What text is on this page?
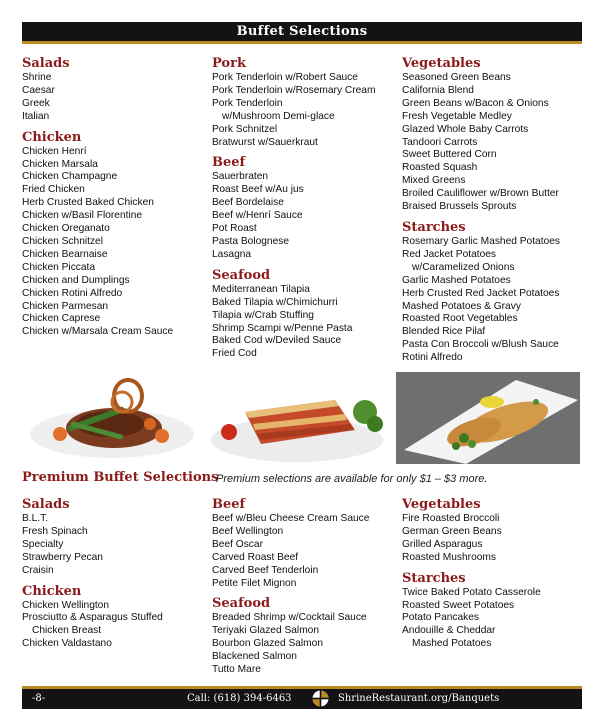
Buffet Selections
Salads
Shrine
Caesar
Greek
Italian
Chicken
Chicken Henrí
Chicken Marsala
Chicken Champagne
Fried Chicken
Herb Crusted Baked Chicken
Chicken w/Basil Florentine
Chicken Oreganato
Chicken Schnitzel
Chicken Bearnaise
Chicken Piccata
Chicken and Dumplings
Chicken Rotini Alfredo
Chicken Parmesan
Chicken Caprese
Chicken w/Marsala Cream Sauce
Pork
Pork Tenderloin w/Robert Sauce
Pork Tenderloin w/Rosemary Cream
Pork Tenderloin
w/Mushroom Demi-glace
Pork Schnitzel
Bratwurst w/Sauerkraut
Beef
Sauerbraten
Roast Beef w/Au jus
Beef Bordelaise
Beef w/Henrí Sauce
Pot Roast
Pasta Bolognese
Lasagna
Seafood
Mediterranean Tilapia
Baked Tilapia w/Chimichurri
Tilapia w/Crab Stuffing
Shrimp Scampi w/Penne Pasta
Baked Cod w/Deviled Sauce
Fried Cod
Vegetables
Seasoned Green Beans
California Blend
Green Beans w/Bacon & Onions
Fresh Vegetable Medley
Glazed Whole Baby Carrots
Tandoori Carrots
Sweet Buttered Corn
Roasted Squash
Mixed Greens
Broiled Cauliflower w/Brown Butter
Braised Brussels Sprouts
Starches
Rosemary Garlic Mashed Potatoes
Red Jacket Potatoes
w/Caramelized Onions
Garlic Mashed Potatoes
Herb Crusted Red Jacket Potatoes
Mashed Potatoes & Gravy
Roasted Root Vegetables
Blended Rice Pilaf
Pasta Con Broccoli w/Blush Sauce
Rotini Alfredo
Premium Buffet Selections
Premium selections are available for only $1 – $3 more.
Salads
B.L.T.
Fresh Spinach
Specialty
Strawberry Pecan
Craisin
Chicken
Chicken Wellington
Prosciutto & Asparagus Stuffed
Chicken Breast
Chicken Valdastano
Beef
Beef w/Bleu Cheese Cream Sauce
Beef Wellington
Beef Oscar
Carved Roast Beef
Carved Beef Tenderloin
Petite Filet Mignon
Seafood
Breaded Shrimp w/Cocktail Sauce
Teriyaki Glazed Salmon
Bourbon Glazed Salmon
Blackened Salmon
Tutto Mare
Vegetables
Fire Roasted Broccoli
German Green Beans
Grilled Asparagus
Roasted Mushrooms
Starches
Twice Baked Potato Casserole
Roasted Sweet Potatoes
Potato Pancakes
Andouille & Cheddar
Mashed Potatoes
-8-	Call: (618) 394-6463	ShrineRestaurant.org/Banquets
